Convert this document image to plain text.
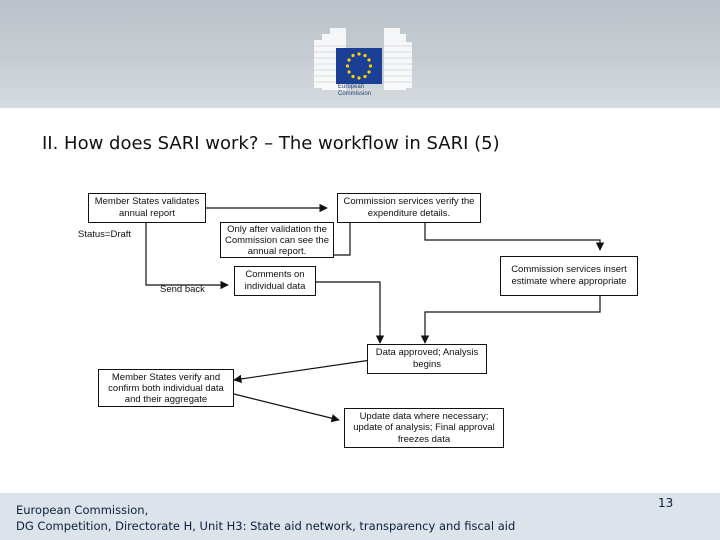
European
Commission
II. How does SARI work? – The workflow in SARI (5)
Member States validates annual report
Status=Draft
Send back
Commission services verify the expenditure details.
Only after validation the Commission can see the annual report.
Comments on individual data
Commission services insert estimate where appropriate
Data approved; Analysis begins
Member States verify and confirm both individual data and their aggregate
Update data where necessary; update of analysis; Final approval freezes data
European Commission,
DG Competition, Directorate H, Unit H3: State aid network, transparency and fiscal aid
13
